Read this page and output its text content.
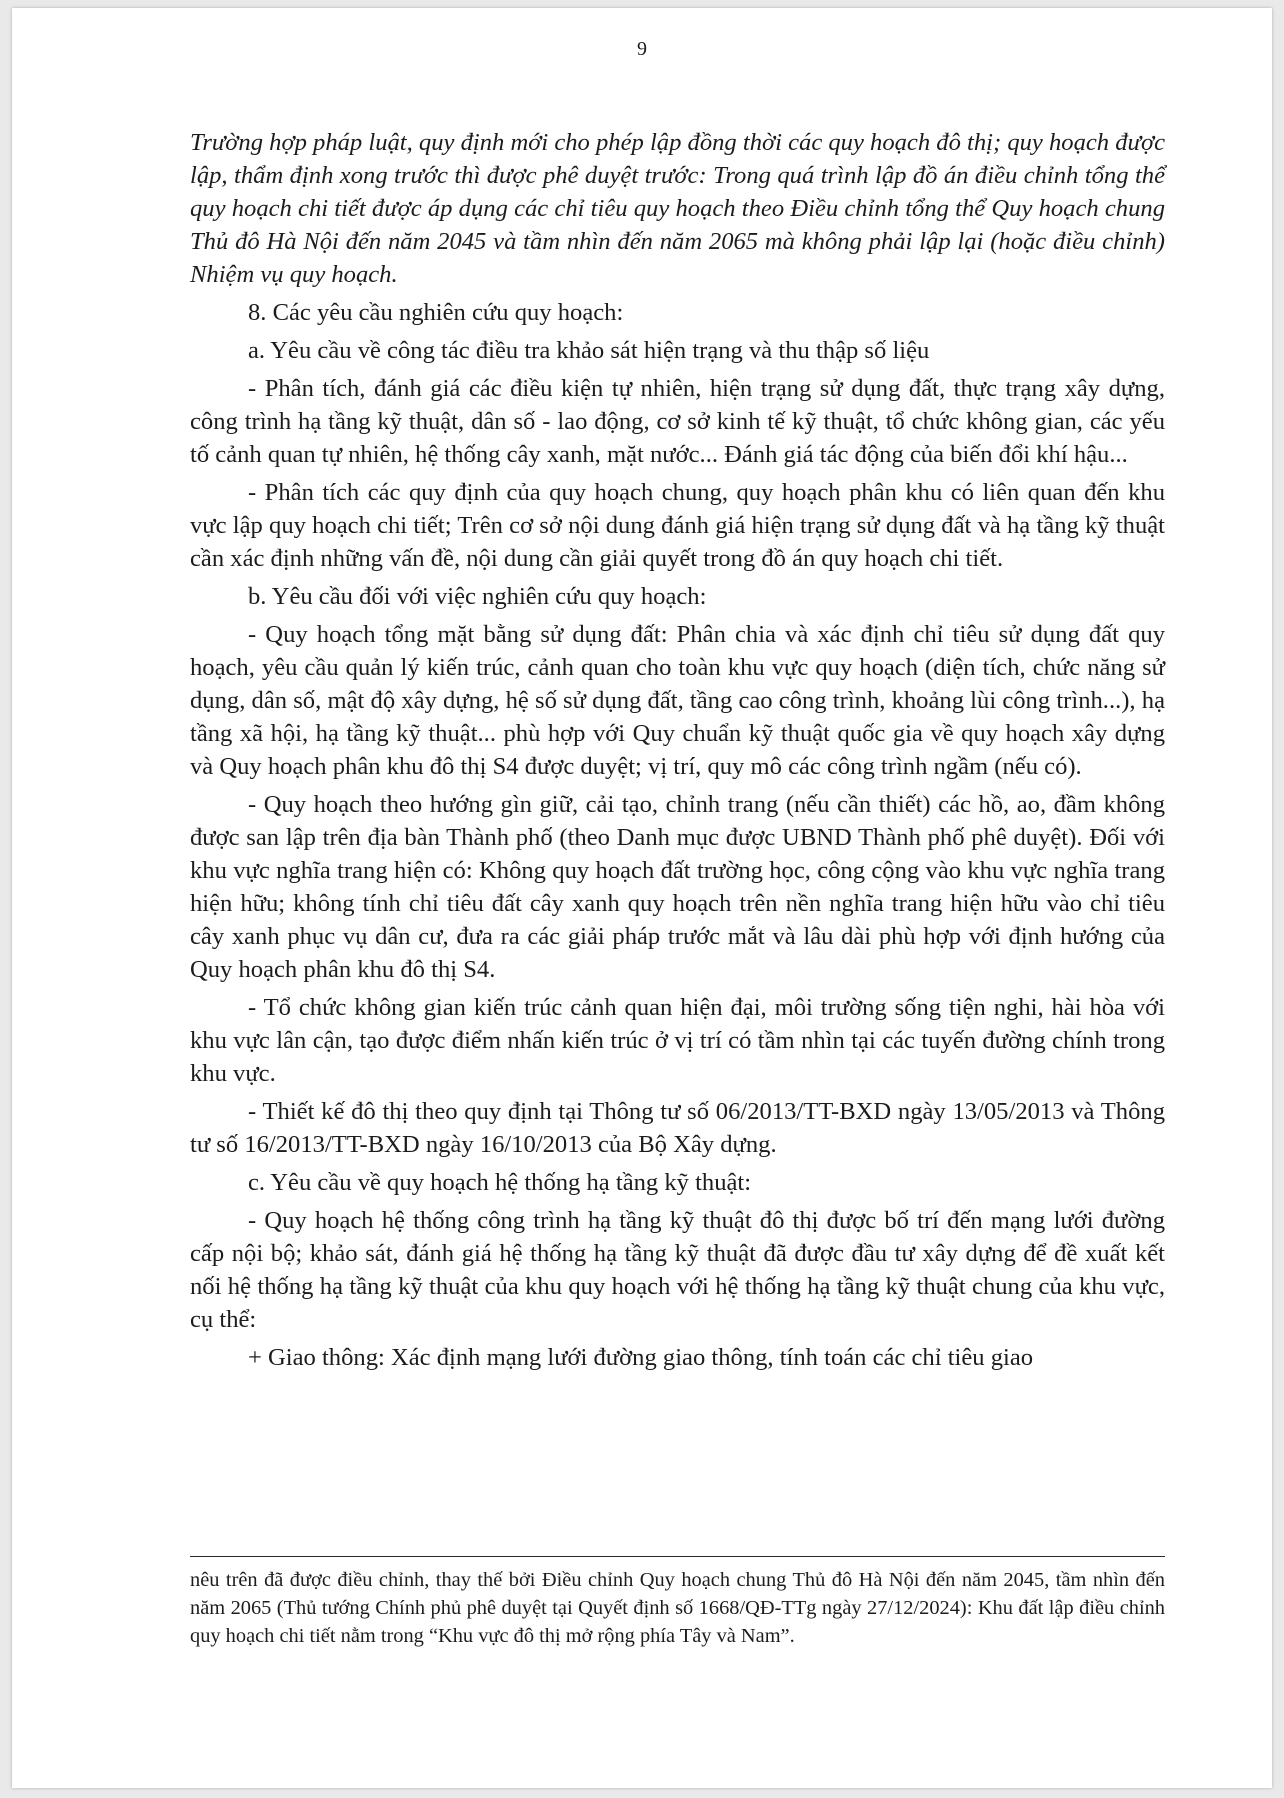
9

Trường hợp pháp luật, quy định mới cho phép lập đồng thời các quy hoạch đô thị; quy hoạch được lập, thẩm định xong trước thì được phê duyệt trước: Trong quá trình lập đồ án điều chỉnh tổng thể quy hoạch chi tiết được áp dụng các chỉ tiêu quy hoạch theo Điều chỉnh tổng thể Quy hoạch chung Thủ đô Hà Nội đến năm 2045 và tầm nhìn đến năm 2065 mà không phải lập lại (hoặc điều chỉnh) Nhiệm vụ quy hoạch.

8. Các yêu cầu nghiên cứu quy hoạch:

a. Yêu cầu về công tác điều tra khảo sát hiện trạng và thu thập số liệu

- Phân tích, đánh giá các điều kiện tự nhiên, hiện trạng sử dụng đất, thực trạng xây dựng, công trình hạ tầng kỹ thuật, dân số - lao động, cơ sở kinh tế kỹ thuật, tổ chức không gian, các yếu tố cảnh quan tự nhiên, hệ thống cây xanh, mặt nước... Đánh giá tác động của biến đổi khí hậu...

- Phân tích các quy định của quy hoạch chung, quy hoạch phân khu có liên quan đến khu vực lập quy hoạch chi tiết; Trên cơ sở nội dung đánh giá hiện trạng sử dụng đất và hạ tầng kỹ thuật cần xác định những vấn đề, nội dung cần giải quyết trong đồ án quy hoạch chi tiết.

b. Yêu cầu đối với việc nghiên cứu quy hoạch:

- Quy hoạch tổng mặt bằng sử dụng đất: Phân chia và xác định chỉ tiêu sử dụng đất quy hoạch, yêu cầu quản lý kiến trúc, cảnh quan cho toàn khu vực quy hoạch (diện tích, chức năng sử dụng, dân số, mật độ xây dựng, hệ số sử dụng đất, tầng cao công trình, khoảng lùi công trình...), hạ tầng xã hội, hạ tầng kỹ thuật... phù hợp với Quy chuẩn kỹ thuật quốc gia về quy hoạch xây dựng và Quy hoạch phân khu đô thị S4 được duyệt; vị trí, quy mô các công trình ngầm (nếu có).

- Quy hoạch theo hướng gìn giữ, cải tạo, chỉnh trang (nếu cần thiết) các hồ, ao, đầm không được san lập trên địa bàn Thành phố (theo Danh mục được UBND Thành phố phê duyệt). Đối với khu vực nghĩa trang hiện có: Không quy hoạch đất trường học, công cộng vào khu vực nghĩa trang hiện hữu; không tính chỉ tiêu đất cây xanh quy hoạch trên nền nghĩa trang hiện hữu vào chỉ tiêu cây xanh phục vụ dân cư, đưa ra các giải pháp trước mắt và lâu dài phù hợp với định hướng của Quy hoạch phân khu đô thị S4.

- Tổ chức không gian kiến trúc cảnh quan hiện đại, môi trường sống tiện nghi, hài hòa với khu vực lân cận, tạo được điểm nhấn kiến trúc ở vị trí có tầm nhìn tại các tuyến đường chính trong khu vực.

- Thiết kế đô thị theo quy định tại Thông tư số 06/2013/TT-BXD ngày 13/05/2013 và Thông tư số 16/2013/TT-BXD ngày 16/10/2013 của Bộ Xây dựng.

c. Yêu cầu về quy hoạch hệ thống hạ tầng kỹ thuật:

- Quy hoạch hệ thống công trình hạ tầng kỹ thuật đô thị được bố trí đến mạng lưới đường cấp nội bộ; khảo sát, đánh giá hệ thống hạ tầng kỹ thuật đã được đầu tư xây dựng để đề xuất kết nối hệ thống hạ tầng kỹ thuật của khu quy hoạch với hệ thống hạ tầng kỹ thuật chung của khu vực, cụ thể:

+ Giao thông: Xác định mạng lưới đường giao thông, tính toán các chỉ tiêu giao

nêu trên đã được điều chỉnh, thay thế bởi Điều chỉnh Quy hoạch chung Thủ đô Hà Nội đến năm 2045, tầm nhìn đến năm 2065 (Thủ tướng Chính phủ phê duyệt tại Quyết định số 1668/QĐ-TTg ngày 27/12/2024): Khu đất lập điều chỉnh quy hoạch chi tiết nằm trong “Khu vực đô thị mở rộng phía Tây và Nam”.
